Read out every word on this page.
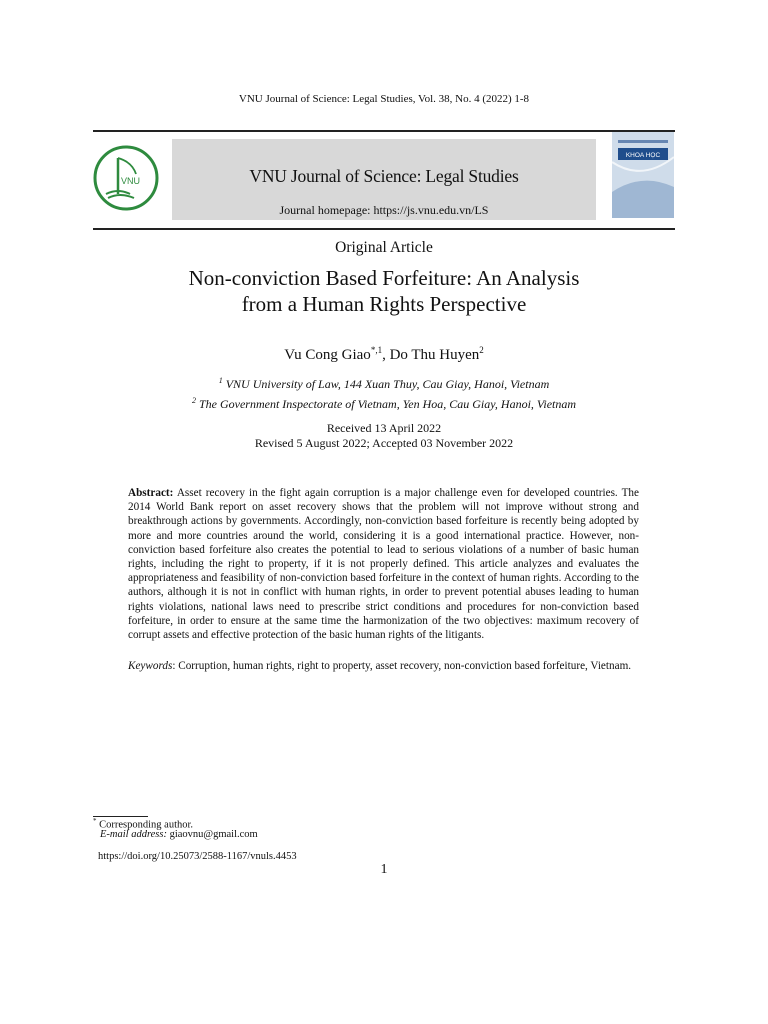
VNU Journal of Science: Legal Studies, Vol. 38, No. 4 (2022) 1-8
VNU	VNU Journal of Science: Legal Studies
Journal homepage: https://js.vnu.edu.vn/LS
KHOA HỌC
Original Article
Non-conviction Based Forfeiture: An Analysis
from a Human Rights Perspective
Vu Cong Giao$^{*,1}$, Do Thu Huyen$^2$
$^1$ VNU University of Law, 144 Xuan Thuy, Cau Giay, Hanoi, Vietnam
$^2$ The Government Inspectorate of Vietnam, Yen Hoa, Cau Giay, Hanoi, Vietnam
Received 13 April 2022
Revised 5 August 2022; Accepted 03 November 2022
Abstract: Asset recovery in the fight again corruption is a major challenge even for developed countries. The 2014 World Bank report on asset recovery shows that the problem will not improve without strong and breakthrough actions by governments. Accordingly, non-conviction based forfeiture is recently being adopted by more and more countries around the world, considering it is a good international practice. However, non-conviction based forfeiture also creates the potential to lead to serious violations of a number of basic human rights, including the right to property, if it is not properly defined. This article analyzes and evaluates the appropriateness and feasibility of non-conviction based forfeiture in the context of human rights. According to the authors, although it is not in conflict with human rights, in order to prevent potential abuses leading to human rights violations, national laws need to prescribe strict conditions and procedures for non-conviction based forfeiture, in order to ensure at the same time the harmonization of the two objectives: maximum recovery of corrupt assets and effective protection of the basic human rights of the litigants.
Keywords: Corruption, human rights, right to property, asset recovery, non-conviction based forfeiture, Vietnam.
* Corresponding author.
E-mail address: giaovnu@gmail.com
https://doi.org/10.25073/2588-1167/vnuls.4453
1
